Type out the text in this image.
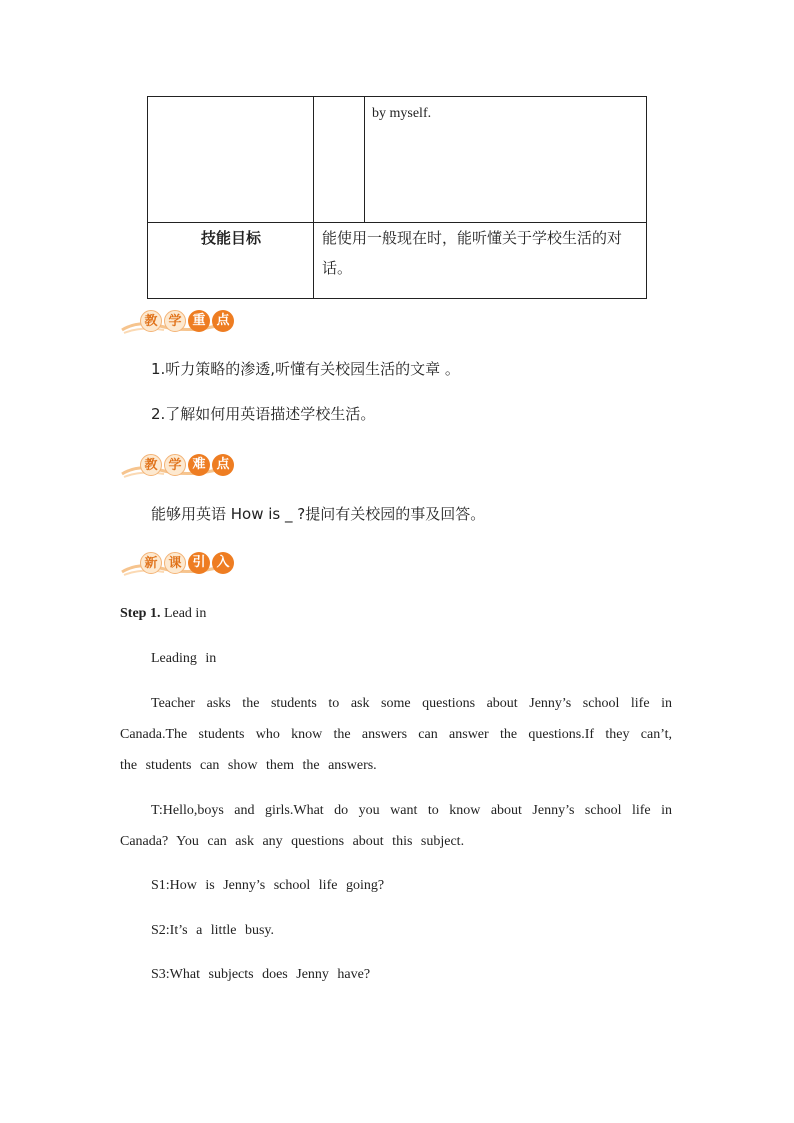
by myself.
技能目标	能使用一般现在时，能听懂关于学校生活的对
话。
教 学 重 点
1.听力策略的渗透,听懂有关校园生活的文章 。
2.了解如何用英语描述学校生活。
教 学 难 点
能够用英语 How is _ ?提问有关校园的事及回答。
新 课 引 入
Step 1. Lead in
Leading in
Teacher asks the students to ask some questions about Jenny’s school life in
Canada.The students who know the answers can answer the questions.If they can’t,
the students can show them the answers.
T:Hello,boys and girls.What do you want to know about Jenny’s school life in
Canada? You can ask any questions about this subject.
S1:How is Jenny’s school life going?
S2:It’s a little busy.
S3:What subjects does Jenny have?
